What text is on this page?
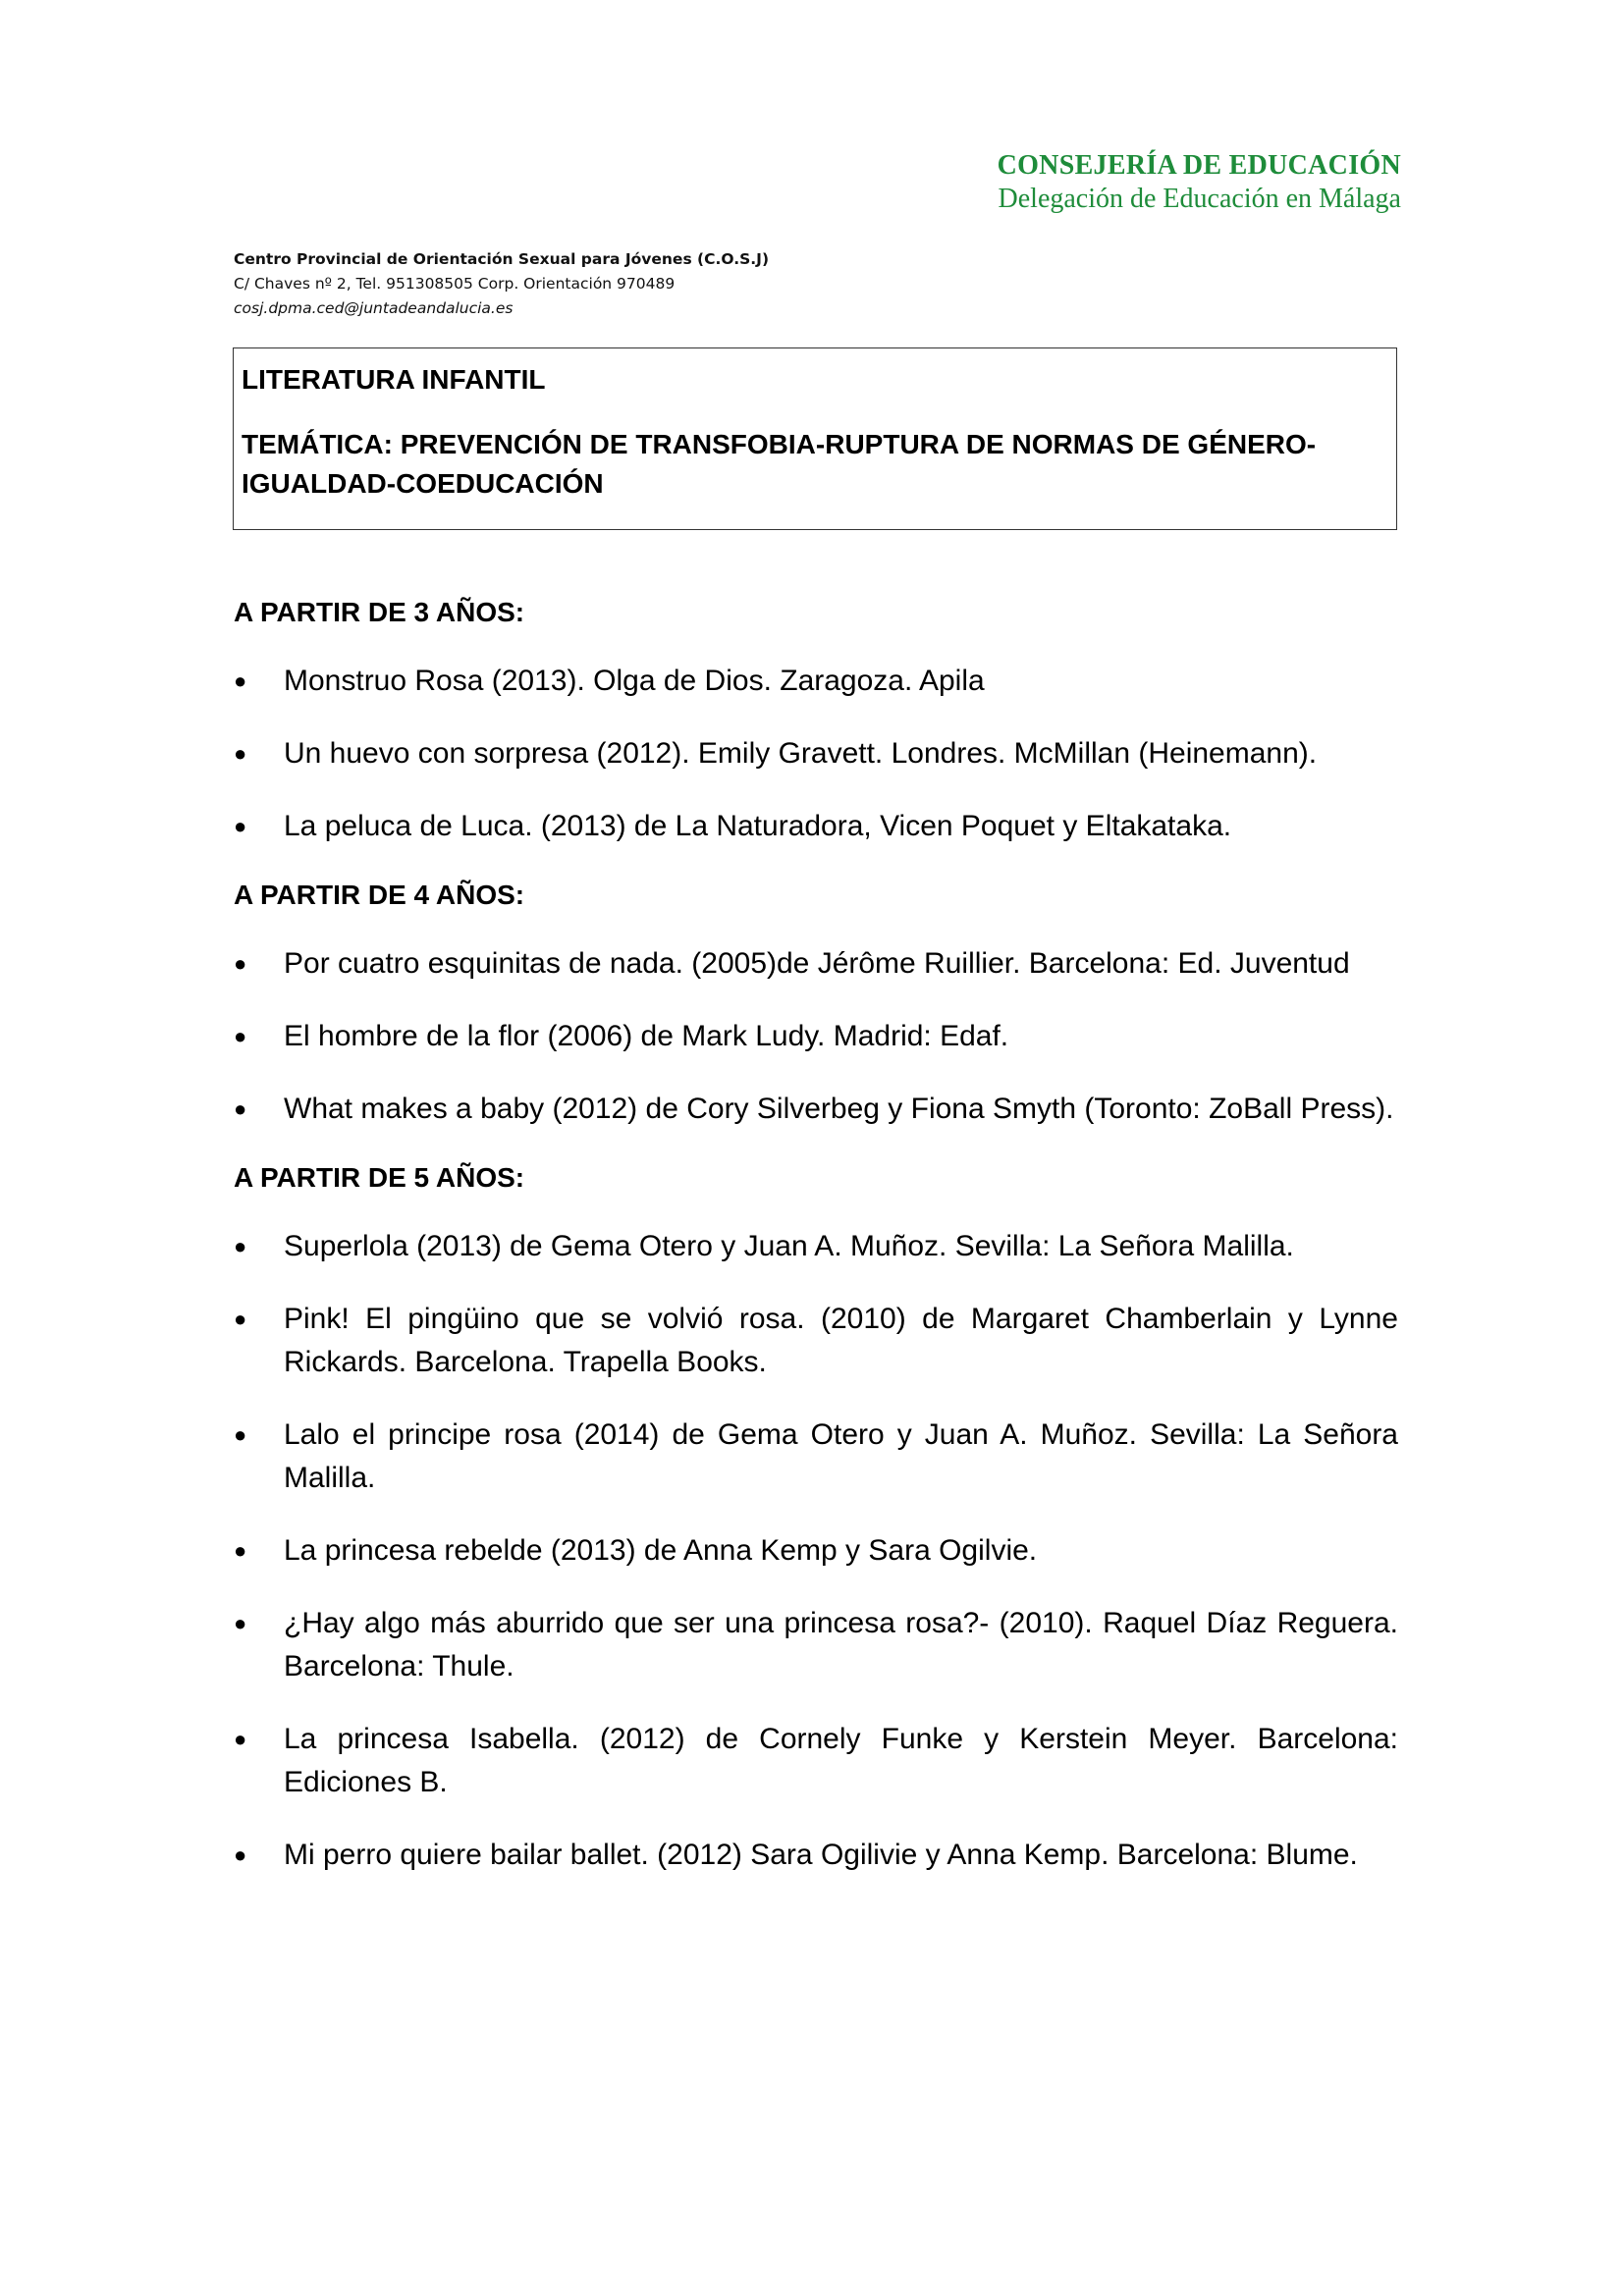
CONSEJERÍA DE EDUCACIÓN
Delegación de Educación en Málaga
Centro Provincial de Orientación Sexual para Jóvenes (C.O.S.J)
C/ Chaves nº 2, Tel. 951308505 Corp. Orientación 970489
cosj.dpma.ced@juntadeandalucia.es
LITERATURA INFANTIL
TEMÁTICA: PREVENCIÓN DE TRANSFOBIA-RUPTURA DE NORMAS DE GÉNERO-IGUALDAD-COEDUCACIÓN
A PARTIR DE 3 AÑOS:
● Monstruo Rosa (2013). Olga de Dios. Zaragoza. Apila
● Un huevo con sorpresa (2012). Emily Gravett. Londres. McMillan (Heinemann).
● La peluca de Luca. (2013) de La Naturadora, Vicen Poquet y Eltakataka.
A PARTIR DE 4 AÑOS:
● Por cuatro esquinitas de nada. (2005)de Jérôme Ruillier. Barcelona: Ed. Juventud
● El hombre de la flor (2006) de Mark Ludy. Madrid: Edaf.
● What makes a baby (2012) de Cory Silverbeg y Fiona Smyth (Toronto: ZoBall Press).
A PARTIR DE 5 AÑOS:
● Superlola (2013) de Gema Otero y Juan A. Muñoz. Sevilla: La Señora Malilla.
● Pink! El pingüino que se volvió rosa. (2010) de Margaret Chamberlain y Lynne Rickards. Barcelona. Trapella Books.
● Lalo el principe rosa (2014) de Gema Otero y Juan A. Muñoz. Sevilla: La Señora Malilla.
● La princesa rebelde (2013) de Anna Kemp y Sara Ogilvie.
● ¿Hay algo más aburrido que ser una princesa rosa?- (2010). Raquel Díaz Reguera. Barcelona: Thule.
● La princesa Isabella. (2012) de Cornely Funke y Kerstein Meyer. Barcelona: Ediciones B.
● Mi perro quiere bailar ballet. (2012) Sara Ogilivie y Anna Kemp. Barcelona: Blume.
